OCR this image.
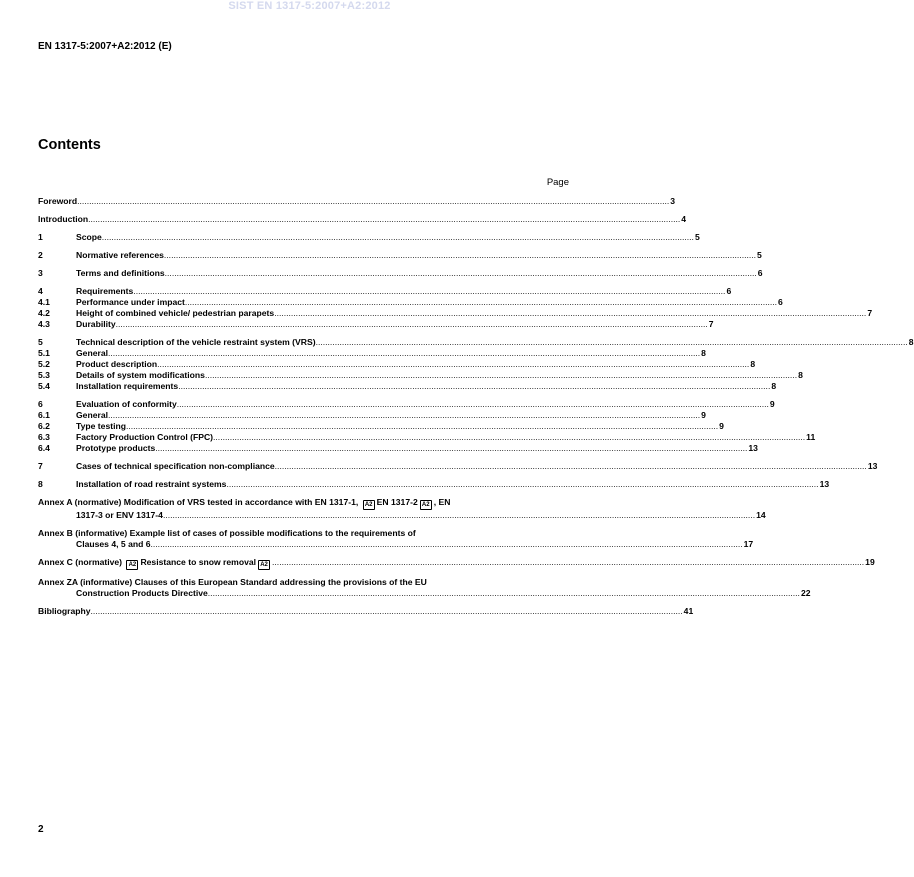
SIST EN 1317-5:2007+A2:2012
EN 1317-5:2007+A2:2012 (E)
Contents
Page
Foreword .....	3
Introduction .....	4
1	Scope .....	5
2	Normative references .....	5
3	Terms and definitions .....	6
4	Requirements .....	6
4.1	Performance under impact .....	6
4.2	Height of combined vehicle/ pedestrian parapets .....	7
4.3	Durability .....	7
5	Technical description of the vehicle restraint system (VRS) .....	8
5.1	General .....	8
5.2	Product description .....	8
5.3	Details of system modifications .....	8
5.4	Installation requirements .....	8
6	Evaluation of conformity .....	9
6.1	General .....	9
6.2	Type testing .....	9
6.3	Factory Production Control (FPC) .....	11
6.4	Prototype products .....	13
7	Cases of technical specification non-compliance .....	13
8	Installation of road restraint systems .....	13
Annex A (normative) Modification of VRS tested in accordance with EN 1317-1, A2 EN 1317-2 A2 , EN
1317-3 or ENV 1317-4 .....	14
Annex B (informative) Example list of cases of possible modifications to the requirements of
Clauses 4, 5 and 6 .....	17
Annex C (normative) A2 Resistance to snow removal A2 .....	19
Annex ZA (informative) Clauses of this European Standard addressing the provisions of the EU
Construction Products Directive .....	22
Bibliography .....	41
2
